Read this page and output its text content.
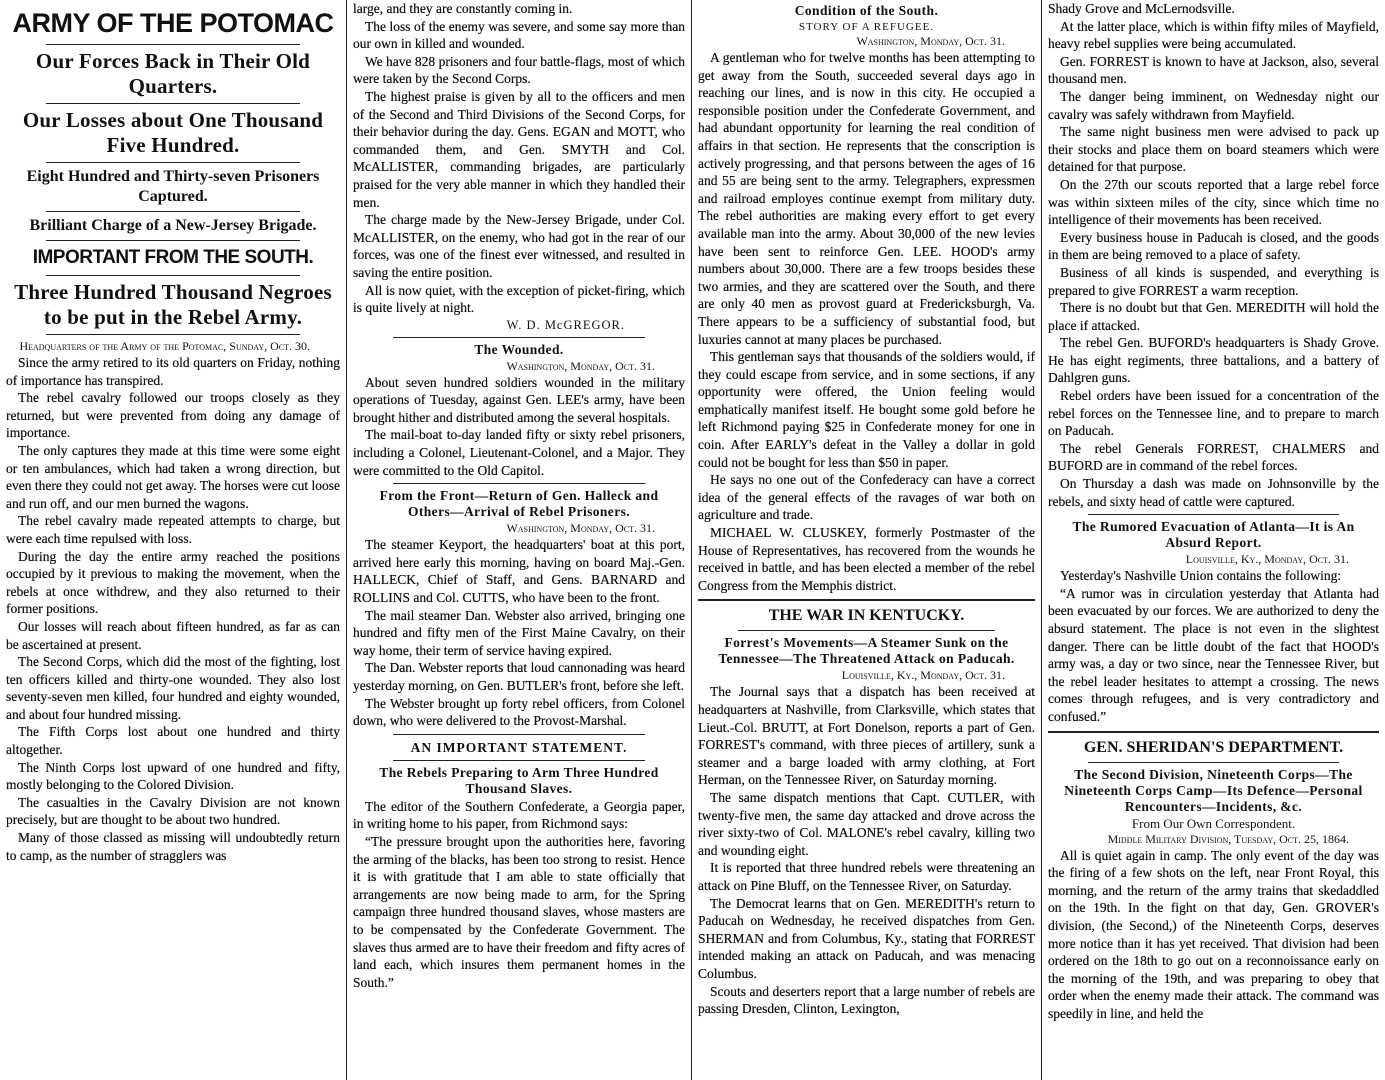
ARMY OF THE POTOMAC
Our Forces Back in Their Old Quarters.
Our Losses about One Thousand Five Hundred.
Eight Hundred and Thirty-seven Prisoners Captured.
Brilliant Charge of a New-Jersey Brigade.
IMPORTANT FROM THE SOUTH.
Three Hundred Thousand Negroes to be put in the Rebel Army.
Headquarters of the Army of the Potomac, Sunday, Oct. 30.
Since the army retired to its old quarters on Friday, nothing of importance has transpired.
The rebel cavalry followed our troops closely as they returned, but were prevented from doing any damage of importance.
The only captures they made at this time were some eight or ten ambulances, which had taken a wrong direction, but even there they could not get away. The horses were cut loose and run off, and our men burned the wagons.
The rebel cavalry made repeated attempts to charge, but were each time repulsed with loss.
During the day the entire army reached the positions occupied by it previous to making the movement, when the rebels at once withdrew, and they also returned to their former positions.
Our losses will reach about fifteen hundred, as far as can be ascertained at present.
The Second Corps, which did the most of the fighting, lost ten officers killed and thirty-one wounded. They also lost seventy-seven men killed, four hundred and eighty wounded, and about four hundred missing.
The Fifth Corps lost about one hundred and thirty altogether.
The Ninth Corps lost upward of one hundred and fifty, mostly belonging to the Colored Division.
The casualties in the Cavalry Division are not known precisely, but are thought to be about two hundred.
Many of those classed as missing will undoubtedly return to camp, as the number of stragglers was
large, and they are constantly coming in.
The loss of the enemy was severe, and some say more than our own in killed and wounded.
We have 828 prisoners and four battle-flags, most of which were taken by the Second Corps.
The highest praise is given by all to the officers and men of the Second and Third Divisions of the Second Corps, for their behavior during the day. Gens. EGAN and MOTT, who commanded them, and Gen. SMYTH and Col. McALLISTER, commanding brigades, are particularly praised for the very able manner in which they handled their men.
The charge made by the New-Jersey Brigade, under Col. McALLISTER, on the enemy, who had got in the rear of our forces, was one of the finest ever witnessed, and resulted in saving the entire position.
All is now quiet, with the exception of picket-firing, which is quite lively at night.
W. D. McGREGOR.
The Wounded.
Washington, Monday, Oct. 31.
About seven hundred soldiers wounded in the military operations of Tuesday, against Gen. LEE's army, have been brought hither and distributed among the several hospitals.
The mail-boat to-day landed fifty or sixty rebel prisoners, including a Colonel, Lieutenant-Colonel, and a Major. They were committed to the Old Capitol.
From the Front—Return of Gen. Halleck and Others—Arrival of Rebel Prisoners.
Washington, Monday, Oct. 31.
The steamer Keyport, the headquarters' boat at this port, arrived here early this morning, having on board Maj.-Gen. HALLECK, Chief of Staff, and Gens. BARNARD and ROLLINS and Col. CUTTS, who have been to the front.
The mail steamer Dan. Webster also arrived, bringing one hundred and fifty men of the First Maine Cavalry, on their way home, their term of service having expired.
The Dan. Webster reports that loud cannonading was heard yesterday morning, on Gen. BUTLER's front, before she left.
The Webster brought up forty rebel officers, from Colonel down, who were delivered to the Provost-Marshal.
AN IMPORTANT STATEMENT.
The Rebels Preparing to Arm Three Hundred Thousand Slaves.
The editor of the Southern Confederate, a Georgia paper, in writing home to his paper, from Richmond says:
“The pressure brought upon the authorities here, favoring the arming of the blacks, has been too strong to resist. Hence it is with gratitude that I am able to state officially that arrangements are now being made to arm, for the Spring campaign three hundred thousand slaves, whose masters are to be compensated by the Confederate Government. The slaves thus armed are to have their freedom and fifty acres of land each, which insures them permanent homes in the South.”
Condition of the South.
STORY OF A REFUGEE.
Washington, Monday, Oct. 31.
A gentleman who for twelve months has been attempting to get away from the South, succeeded several days ago in reaching our lines, and is now in this city. He occupied a responsible position under the Confederate Government, and had abundant opportunity for learning the real condition of affairs in that section. He represents that the conscription is actively progressing, and that persons between the ages of 16 and 55 are being sent to the army. Telegraphers, expressmen and railroad employes continue exempt from military duty. The rebel authorities are making every effort to get every available man into the army. About 30,000 of the new levies have been sent to reinforce Gen. LEE. HOOD's army numbers about 30,000. There are a few troops besides these two armies, and they are scattered over the South, and there are only 40 men as provost guard at Fredericksburgh, Va. There appears to be a sufficiency of substantial food, but luxuries cannot at many places be purchased.
This gentleman says that thousands of the soldiers would, if they could escape from service, and in some sections, if any opportunity were offered, the Union feeling would emphatically manifest itself. He bought some gold before he left Richmond paying $25 in Confederate money for one in coin. After EARLY's defeat in the Valley a dollar in gold could not be bought for less than $50 in paper.
He says no one out of the Confederacy can have a correct idea of the general effects of the ravages of war both on agriculture and trade.
MICHAEL W. CLUSKEY, formerly Postmaster of the House of Representatives, has recovered from the wounds he received in battle, and has been elected a member of the rebel Congress from the Memphis district.
THE WAR IN KENTUCKY.
Forrest's Movements—A Steamer Sunk on the Tennessee—The Threatened Attack on Paducah.
Louisville, Ky., Monday, Oct. 31.
The Journal says that a dispatch has been received at headquarters at Nashville, from Clarksville, which states that Lieut.-Col. BRUTT, at Fort Donelson, reports a part of Gen. FORREST's command, with three pieces of artillery, sunk a steamer and a barge loaded with army clothing, at Fort Herman, on the Tennessee River, on Saturday morning.
The same dispatch mentions that Capt. CUTLER, with twenty-five men, the same day attacked and drove across the river sixty-two of Col. MALONE's rebel cavalry, killing two and wounding eight.
It is reported that three hundred rebels were threatening an attack on Pine Bluff, on the Tennessee River, on Saturday.
The Democrat learns that on Gen. MEREDITH's return to Paducah on Wednesday, he received dispatches from Gen. SHERMAN and from Columbus, Ky., stating that FORREST intended making an attack on Paducah, and was menacing Columbus.
Scouts and deserters report that a large number of rebels are passing Dresden, Clinton, Lexington,
Shady Grove and McLernodsville.
At the latter place, which is within fifty miles of Mayfield, heavy rebel supplies were being accumulated.
Gen. FORREST is known to have at Jackson, also, several thousand men.
The danger being imminent, on Wednesday night our cavalry was safely withdrawn from Mayfield.
The same night business men were advised to pack up their stocks and place them on board steamers which were detained for that purpose.
On the 27th our scouts reported that a large rebel force was within sixteen miles of the city, since which time no intelligence of their movements has been received.
Every business house in Paducah is closed, and the goods in them are being removed to a place of safety.
Business of all kinds is suspended, and everything is prepared to give FORREST a warm reception.
There is no doubt but that Gen. MEREDITH will hold the place if attacked.
The rebel Gen. BUFORD's headquarters is Shady Grove. He has eight regiments, three battalions, and a battery of Dahlgren guns.
Rebel orders have been issued for a concentration of the rebel forces on the Tennessee line, and to prepare to march on Paducah.
The rebel Generals FORREST, CHALMERS and BUFORD are in command of the rebel forces.
On Thursday a dash was made on Johnsonville by the rebels, and sixty head of cattle were captured.
The Rumored Evacuation of Atlanta—It is An Absurd Report.
Louisville, Ky., Monday, Oct. 31.
Yesterday's Nashville Union contains the following:
“A rumor was in circulation yesterday that Atlanta had been evacuated by our forces. We are authorized to deny the absurd statement. The place is not even in the slightest danger. There can be little doubt of the fact that HOOD's army was, a day or two since, near the Tennessee River, but the rebel leader hesitates to attempt a crossing. The news comes through refugees, and is very contradictory and confused.”
GEN. SHERIDAN'S DEPARTMENT.
The Second Division, Nineteenth Corps—The Nineteenth Corps Camp—Its Defence—Personal Rencounters—Incidents, &c.
From Our Own Correspondent.
Middle Military Division, Tuesday, Oct. 25, 1864.
All is quiet again in camp. The only event of the day was the firing of a few shots on the left, near Front Royal, this morning, and the return of the army trains that skedaddled on the 19th. In the fight on that day, Gen. GROVER's division, (the Second,) of the Nineteenth Corps, deserves more notice than it has yet received. That division had been ordered on the 18th to go out on a reconnoissance early on the morning of the 19th, and was preparing to obey that order when the enemy made their attack. The command was speedily in line, and held the
